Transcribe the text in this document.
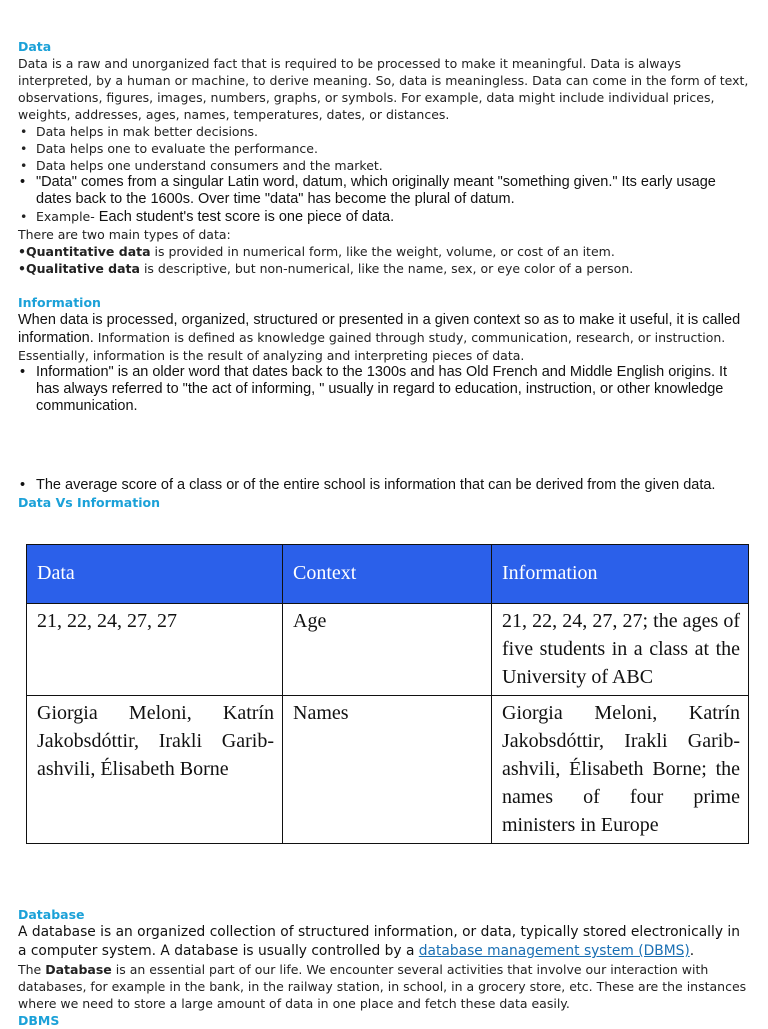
Data

Data is a raw and unorganized fact that is required to be processed to make it meaningful. Data is always interpreted, by a human or machine, to derive meaning. So, data is meaningless. Data can come in the form of text, observations, figures, images, numbers, graphs, or symbols. For example, data might include individual prices, weights, addresses, ages, names, temperatures, dates, or distances.

• Data helps in mak better decisions.
• Data helps one to evaluate the performance.
• Data helps one understand consumers and the market.
• "Data" comes from a singular Latin word, datum, which originally meant "something given." Its early usage dates back to the 1600s. Over time "data" has become the plural of datum.
• Example- Each student's test score is one piece of data.

There are two main types of data:

•Quantitative data is provided in numerical form, like the weight, volume, or cost of an item.

•Qualitative data is descriptive, but non-numerical, like the name, sex, or eye color of a person.

Information

When data is processed, organized, structured or presented in a given context so as to make it useful, it is called information. Information is defined as knowledge gained through study, communication, research, or instruction. Essentially, information is the result of analyzing and interpreting pieces of data.

• Information" is an older word that dates back to the 1300s and has Old French and Middle English origins. It has always referred to "the act of informing, " usually in regard to education, instruction, or other knowledge communication.
• The average score of a class or of the entire school is information that can be derived from the given data.
Data Vs Information
Data	Context	Information
21, 22, 24, 27, 27	Age	21, 22, 24, 27, 27; the ages of five students in a class at the University of ABC
Giorgia Meloni, Katrín Jakobsdóttir, Irakli Garib-ashvili, Élisabeth Borne	Names	Giorgia Meloni, Katrín Jakobsdóttir, Irakli Garib-ashvili, Élisabeth Borne; the names of four prime ministers in Europe
Database

A database is an organized collection of structured information, or data, typically stored electronically in a computer system. A database is usually controlled by a database management system (DBMS).

The Database is an essential part of our life. We encounter several activities that involve our interaction with databases, for example in the bank, in the railway station, in school, in a grocery store, etc. These are the instances where we need to store a large amount of data in one place and fetch these data easily.

DBMS
